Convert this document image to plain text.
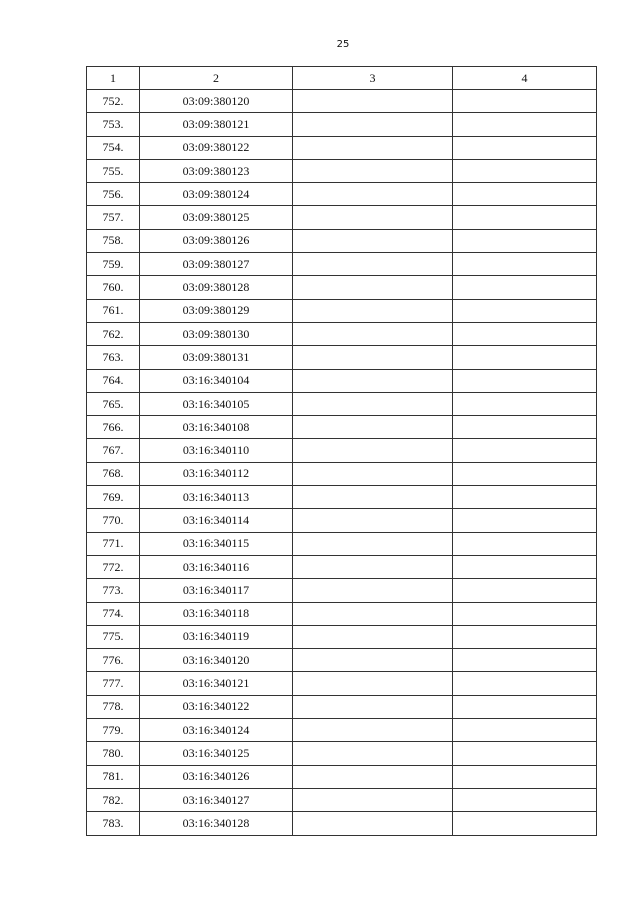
25
1	2	3	4
752.	03:09:380120		
753.	03:09:380121		
754.	03:09:380122		
755.	03:09:380123		
756.	03:09:380124		
757.	03:09:380125		
758.	03:09:380126		
759.	03:09:380127		
760.	03:09:380128		
761.	03:09:380129		
762.	03:09:380130		
763.	03:09:380131		
764.	03:16:340104		
765.	03:16:340105		
766.	03:16:340108		
767.	03:16:340110		
768.	03:16:340112		
769.	03:16:340113		
770.	03:16:340114		
771.	03:16:340115		
772.	03:16:340116		
773.	03:16:340117		
774.	03:16:340118		
775.	03:16:340119		
776.	03:16:340120		
777.	03:16:340121		
778.	03:16:340122		
779.	03:16:340124		
780.	03:16:340125		
781.	03:16:340126		
782.	03:16:340127		
783.	03:16:340128		
